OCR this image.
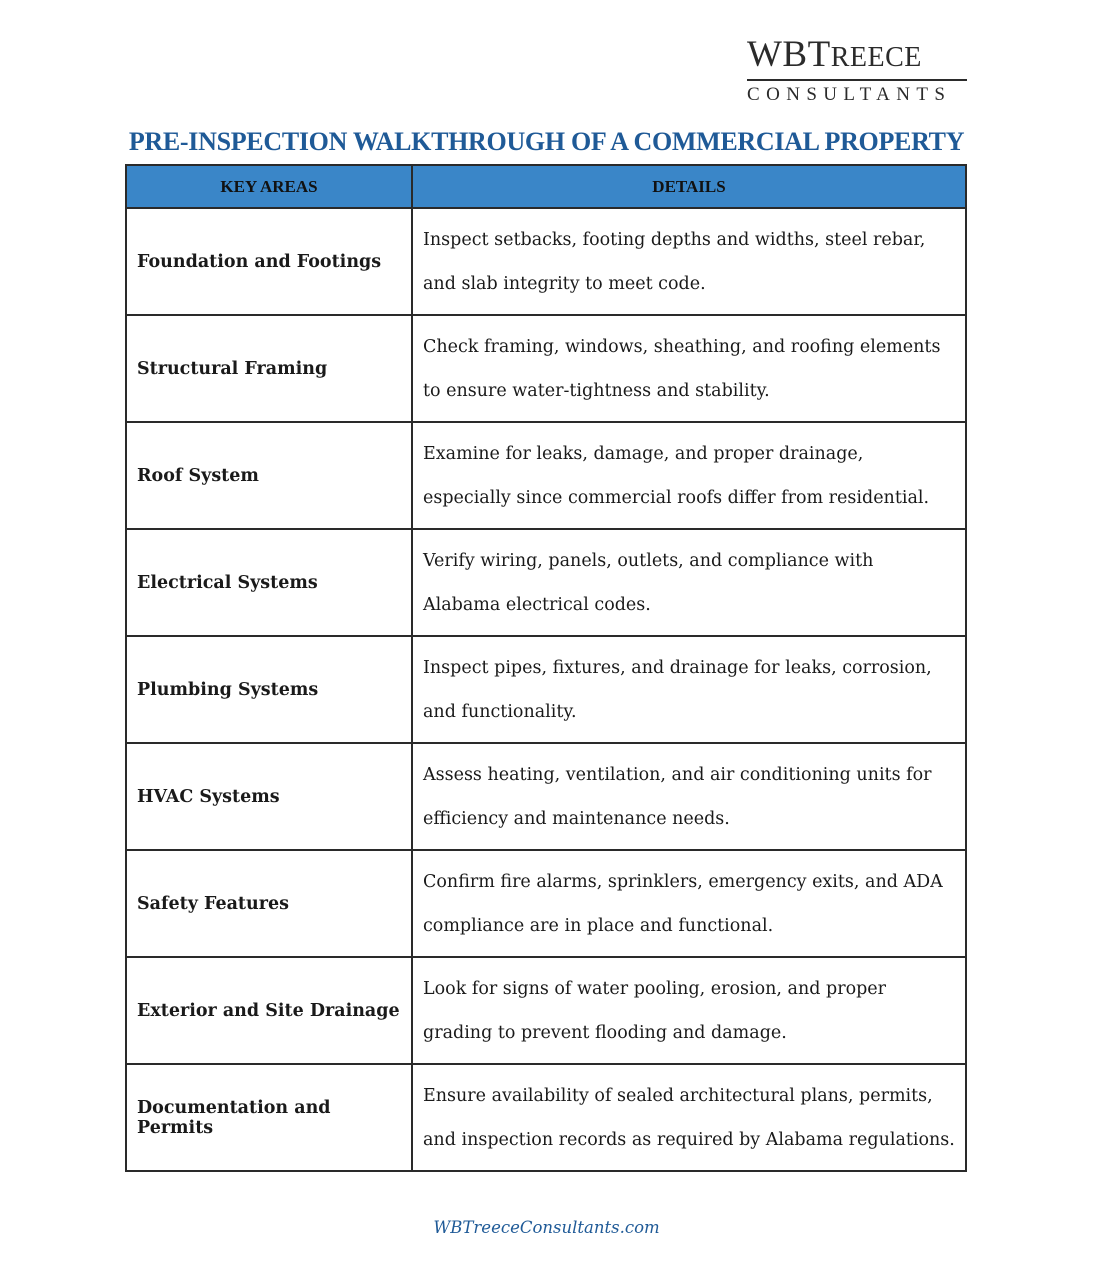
WBTREECE
CONSULTANTS
PRE-INSPECTION WALKTHROUGH OF A COMMERCIAL PROPERTY
KEY AREAS	DETAILS
Foundation and Footings	Inspect setbacks, footing depths and widths, steel rebar, and slab integrity to meet code.
Structural Framing	Check framing, windows, sheathing, and roofing elements to ensure water-tightness and stability.
Roof System	Examine for leaks, damage, and proper drainage, especially since commercial roofs differ from residential.
Electrical Systems	Verify wiring, panels, outlets, and compliance with Alabama electrical codes.
Plumbing Systems	Inspect pipes, fixtures, and drainage for leaks, corrosion, and functionality.
HVAC Systems	Assess heating, ventilation, and air conditioning units for efficiency and maintenance needs.
Safety Features	Confirm fire alarms, sprinklers, emergency exits, and ADA compliance are in place and functional.
Exterior and Site Drainage	Look for signs of water pooling, erosion, and proper grading to prevent flooding and damage.
Documentation and Permits	Ensure availability of sealed architectural plans, permits, and inspection records as required by Alabama regulations.
WBTreeceConsultants.com
